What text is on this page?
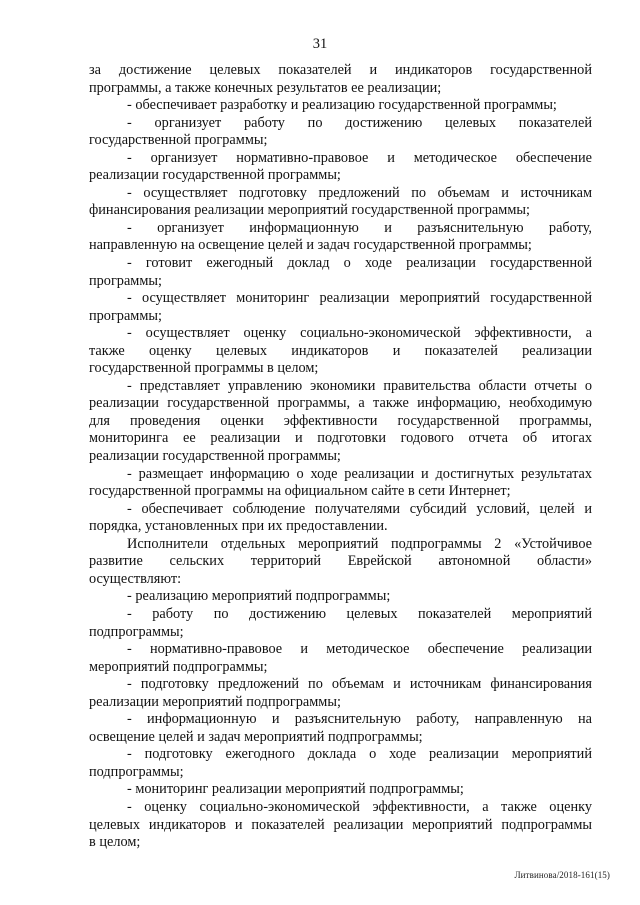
31
за достижение целевых показателей и индикаторов государственной
программы, а также конечных результатов ее реализации;
- обеспечивает разработку и реализацию государственной программы;
- организует работу по достижению целевых показателей
государственной программы;
- организует нормативно-правовое и методическое обеспечение
реализации государственной программы;
- осуществляет подготовку предложений по объемам и источникам
финансирования реализации мероприятий государственной программы;
- организует информационную и разъяснительную работу,
направленную на освещение целей и задач государственной программы;
- готовит ежегодный доклад о ходе реализации государственной
программы;
- осуществляет мониторинг реализации мероприятий государственной
программы;
- осуществляет оценку социально-экономической эффективности, а
также оценку целевых индикаторов и показателей реализации
государственной программы в целом;
- представляет управлению экономики правительства области отчеты о
реализации государственной программы, а также информацию, необходимую
для проведения оценки эффективности государственной программы,
мониторинга ее реализации и подготовки годового отчета об итогах
реализации государственной программы;
- размещает информацию о ходе реализации и достигнутых результатах
государственной программы на официальном сайте в сети Интернет;
- обеспечивает соблюдение получателями субсидий условий, целей и
порядка, установленных при их предоставлении.
Исполнители отдельных мероприятий подпрограммы 2 «Устойчивое
развитие сельских территорий Еврейской автономной области»
осуществляют:
- реализацию мероприятий подпрограммы;
- работу по достижению целевых показателей мероприятий
подпрограммы;
- нормативно-правовое и методическое обеспечение реализации
мероприятий подпрограммы;
- подготовку предложений по объемам и источникам финансирования
реализации мероприятий подпрограммы;
- информационную и разъяснительную работу, направленную на
освещение целей и задач мероприятий подпрограммы;
- подготовку ежегодного доклада о ходе реализации мероприятий
подпрограммы;
- мониторинг реализации мероприятий подпрограммы;
- оценку социально-экономической эффективности, а также оценку
целевых индикаторов и показателей реализации мероприятий подпрограммы
в целом;
Литвинова/2018-161(15)
